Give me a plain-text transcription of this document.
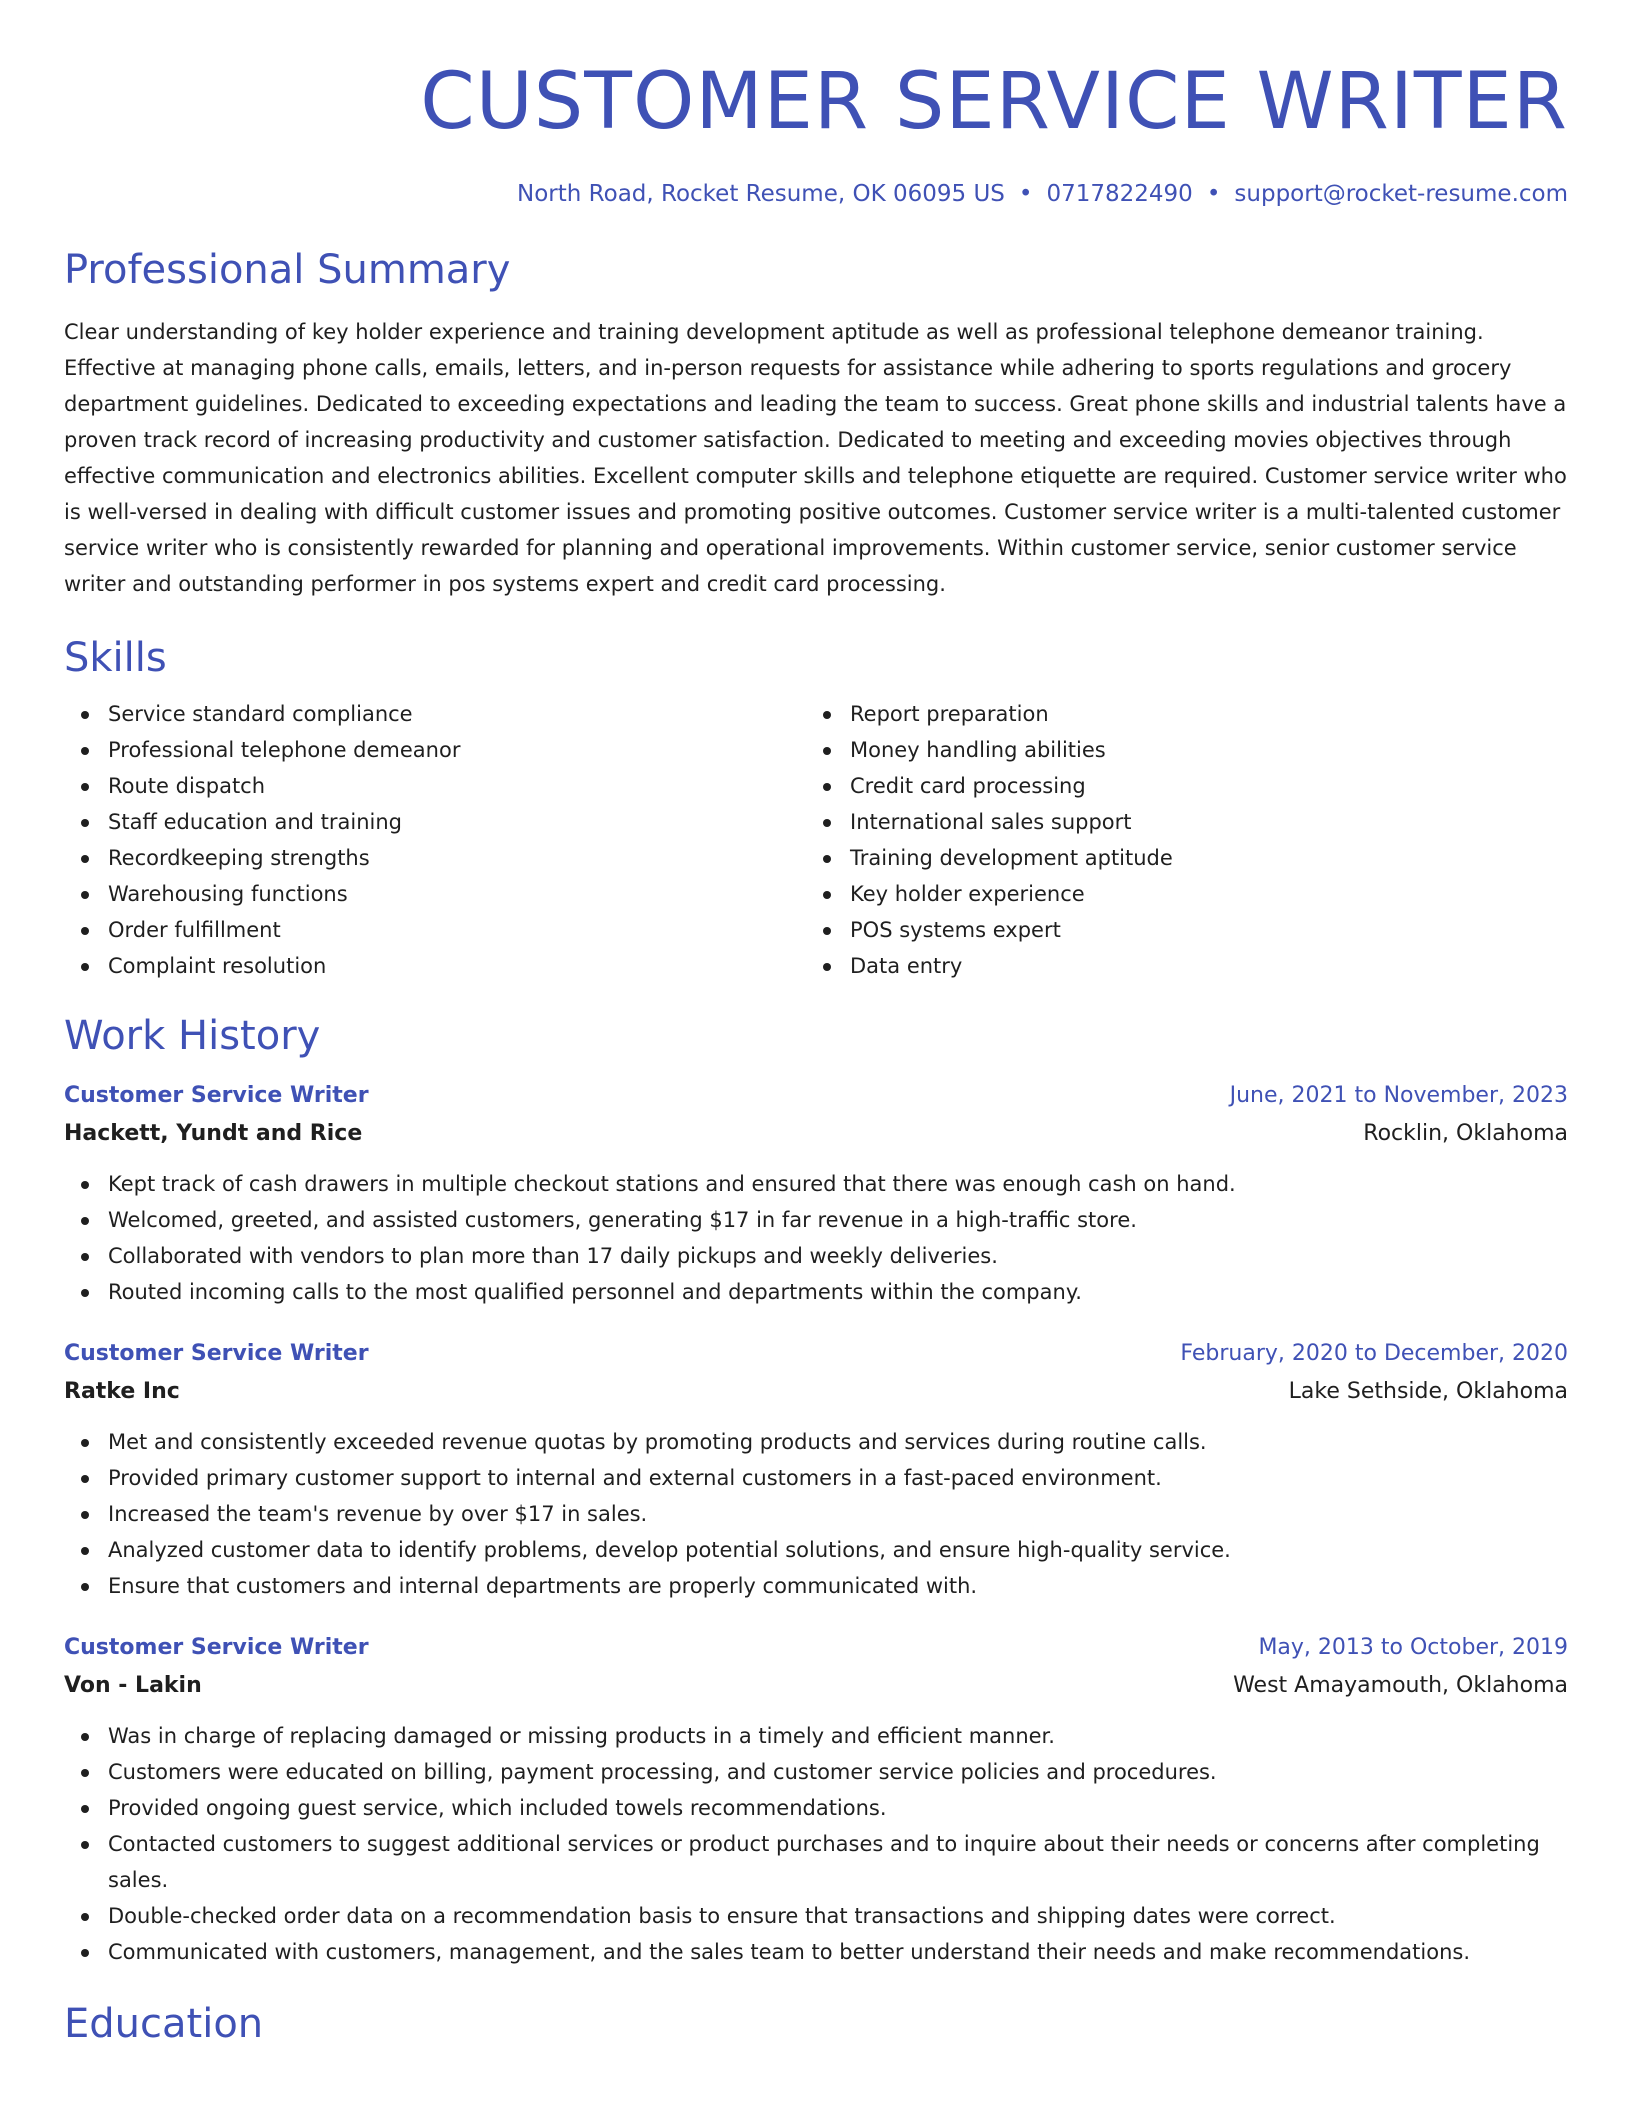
CUSTOMER SERVICE WRITER
North Road, Rocket Resume, OK 06095 US • 0717822490 • support@rocket-resume.com
Professional Summary

Clear understanding of key holder experience and training development aptitude as well as professional telephone demeanor training. Effective at managing phone calls, emails, letters, and in-person requests for assistance while adhering to sports regulations and grocery department guidelines. Dedicated to exceeding expectations and leading the team to success. Great phone skills and industrial talents have a proven track record of increasing productivity and customer satisfaction. Dedicated to meeting and exceeding movies objectives through effective communication and electronics abilities. Excellent computer skills and telephone etiquette are required. Customer service writer who is well-versed in dealing with difficult customer issues and promoting positive outcomes. Customer service writer is a multi-talented customer service writer who is consistently rewarded for planning and operational improvements. Within customer service, senior customer service writer and outstanding performer in pos systems expert and credit card processing.

Skills
Service standard compliance
Professional telephone demeanor
Route dispatch
Staff education and training
Recordkeeping strengths
Warehousing functions
Order fulfillment
Complaint resolution
Report preparation
Money handling abilities
Credit card processing
International sales support
Training development aptitude
Key holder experience
POS systems expert
Data entry
Work History
Customer Service Writer	June, 2021 to November, 2023
Hackett, Yundt and Rice	Rocklin, Oklahoma
Kept track of cash drawers in multiple checkout stations and ensured that there was enough cash on hand.
Welcomed, greeted, and assisted customers, generating $17 in far revenue in a high-traffic store.
Collaborated with vendors to plan more than 17 daily pickups and weekly deliveries.
Routed incoming calls to the most qualified personnel and departments within the company.
Customer Service Writer	February, 2020 to December, 2020
Ratke Inc	Lake Sethside, Oklahoma
Met and consistently exceeded revenue quotas by promoting products and services during routine calls.
Provided primary customer support to internal and external customers in a fast-paced environment.
Increased the team's revenue by over $17 in sales.
Analyzed customer data to identify problems, develop potential solutions, and ensure high-quality service.
Ensure that customers and internal departments are properly communicated with.
Customer Service Writer	May, 2013 to October, 2019
Von - Lakin	West Amayamouth, Oklahoma
Was in charge of replacing damaged or missing products in a timely and efficient manner.
Customers were educated on billing, payment processing, and customer service policies and procedures.
Provided ongoing guest service, which included towels recommendations.
Contacted customers to suggest additional services or product purchases and to inquire about their needs or concerns after completing sales.
Double-checked order data on a recommendation basis to ensure that transactions and shipping dates were correct.
Communicated with customers, management, and the sales team to better understand their needs and make recommendations.
Education
